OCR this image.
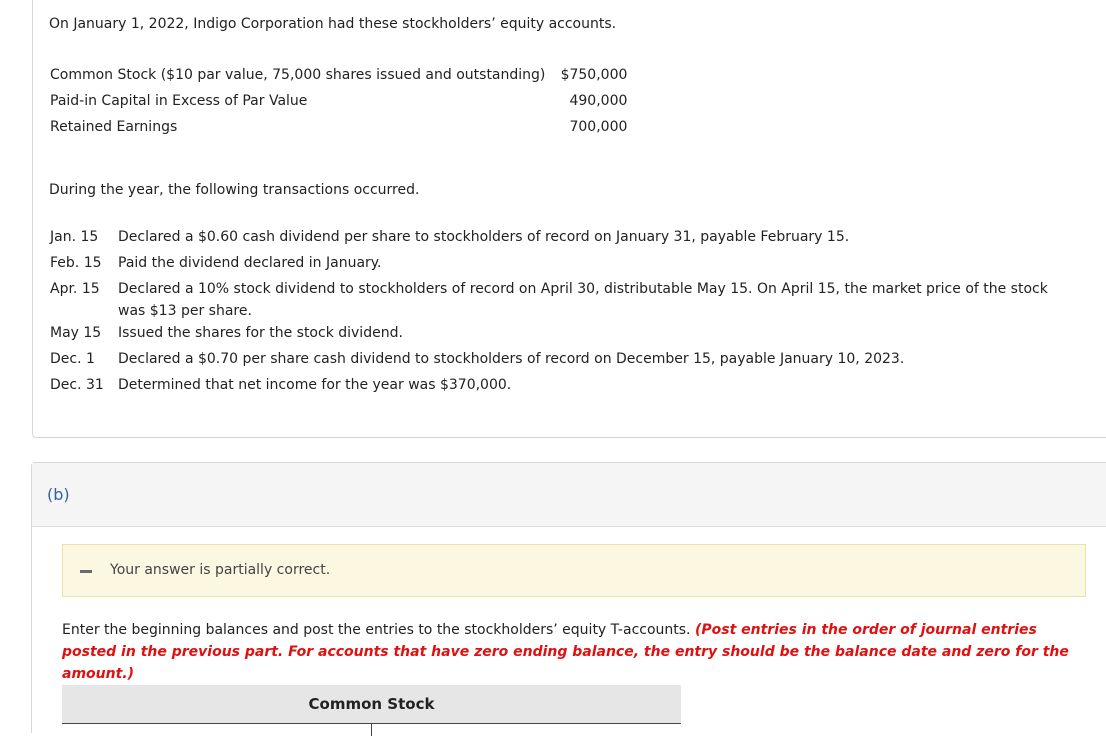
On January 1, 2022, Indigo Corporation had these stockholders’ equity accounts.
Common Stock ($10 par value, 75,000 shares issued and outstanding)	$750,000
Paid-in Capital in Excess of Par Value	490,000
Retained Earnings	700,000
During the year, the following transactions occurred.
Jan. 15	Declared a $0.60 cash dividend per share to stockholders of record on January 31, payable February 15.
Feb. 15	Paid the dividend declared in January.
Apr. 15	Declared a 10% stock dividend to stockholders of record on April 30, distributable May 15. On April 15, the market price of the stock was $13 per share.
May 15	Issued the shares for the stock dividend.
Dec. 1	Declared a $0.70 per share cash dividend to stockholders of record on December 15, payable January 10, 2023.
Dec. 31	Determined that net income for the year was $370,000.
(b)
Your answer is partially correct.
Enter the beginning balances and post the entries to the stockholders’ equity T-accounts. (Post entries in the order of journal entries posted in the previous part. For accounts that have zero ending balance, the entry should be the balance date and zero for the amount.)
Common Stock
